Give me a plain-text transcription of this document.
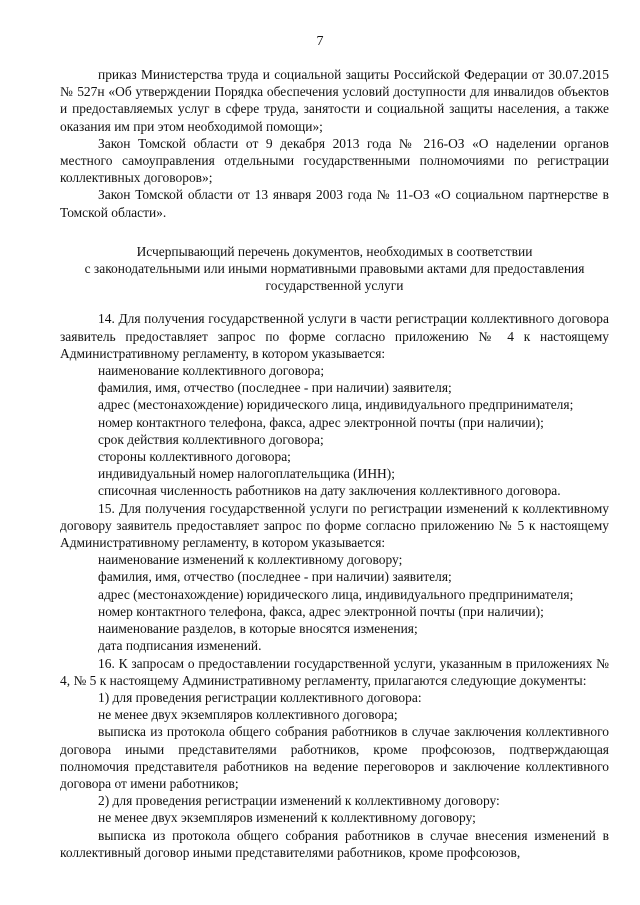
7

приказ Министерства труда и социальной защиты Российской Федерации от 30.07.2015 № 527н «Об утверждении Порядка обеспечения условий доступности для инвалидов объектов и предоставляемых услуг в сфере труда, занятости и социальной защиты населения, а также оказания им при этом необходимой помощи»;

Закон Томской области от 9 декабря 2013 года № 216-ОЗ «О наделении органов местного самоуправления отдельными государственными полномочиями по регистрации коллективных договоров»;

Закон Томской области от 13 января 2003 года № 11-ОЗ «О социальном партнерстве в Томской области».

Исчерпывающий перечень документов, необходимых в соответствии
с законодательными или иными нормативными правовыми актами для предоставления
государственной услуги

14. Для получения государственной услуги в части регистрации коллективного договора заявитель предоставляет запрос по форме согласно приложению № 4 к настоящему Административному регламенту, в котором указывается:

наименование коллективного договора;

фамилия, имя, отчество (последнее - при наличии) заявителя;

адрес (местонахождение) юридического лица, индивидуального предпринимателя;

номер контактного телефона, факса, адрес электронной почты (при наличии);

срок действия коллективного договора;

стороны коллективного договора;

индивидуальный номер налогоплательщика (ИНН);

списочная численность работников на дату заключения коллективного договора.

15. Для получения государственной услуги по регистрации изменений к коллективному договору заявитель предоставляет запрос по форме согласно приложению № 5 к настоящему Административному регламенту, в котором указывается:

наименование изменений к коллективному договору;

фамилия, имя, отчество (последнее - при наличии) заявителя;

адрес (местонахождение) юридического лица, индивидуального предпринимателя;

номер контактного телефона, факса, адрес электронной почты (при наличии);

наименование разделов, в которые вносятся изменения;

дата подписания изменений.

16. К запросам о предоставлении государственной услуги, указанным в приложениях № 4, № 5 к настоящему Административному регламенту, прилагаются следующие документы:

1) для проведения регистрации коллективного договора:

не менее двух экземпляров коллективного договора;

выписка из протокола общего собрания работников в случае заключения коллективного договора иными представителями работников, кроме профсоюзов, подтверждающая полномочия представителя работников на ведение переговоров и заключение коллективного договора от имени работников;

2) для проведения регистрации изменений к коллективному договору:

не менее двух экземпляров изменений к коллективному договору;

выписка из протокола общего собрания работников в случае внесения изменений в коллективный договор иными представителями работников, кроме профсоюзов,
